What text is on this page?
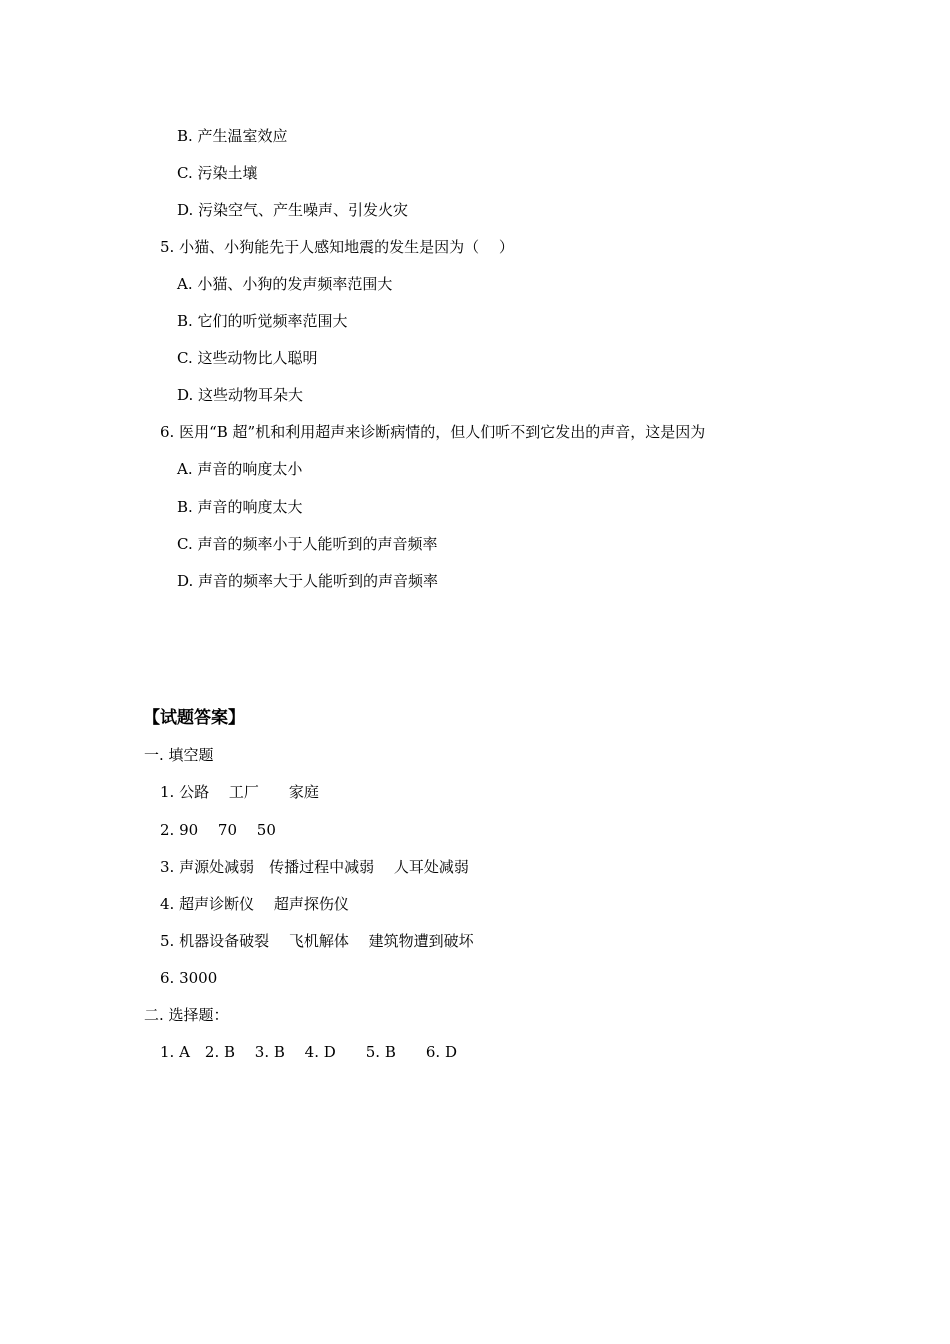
B. 产生温室效应
C. 污染土壤
D. 污染空气、产生噪声、引发火灾
5. 小猫、小狗能先于人感知地震的发生是因为（　 ）
A. 小猫、小狗的发声频率范围大
B. 它们的听觉频率范围大
C. 这些动物比人聪明
D. 这些动物耳朵大
6. 医用“B 超”机和利用超声来诊断病情的，但人们听不到它发出的声音，这是因为
A. 声音的响度太小
B. 声音的响度太大
C. 声音的频率小于人能听到的声音频率
D. 声音的频率大于人能听到的声音频率
【试题答案】
一. 填空题
1. 公路　 工厂　　家庭
2. 90　 70　 50
3. 声源处减弱　传播过程中减弱　 人耳处减弱
4. 超声诊断仪　 超声探伤仪
5. 机器设备破裂　 飞机解体　 建筑物遭到破坏
6. 3000
二. 选择题：
1. A　2. B　 3. B　 4. D　　5. B　　6. D
